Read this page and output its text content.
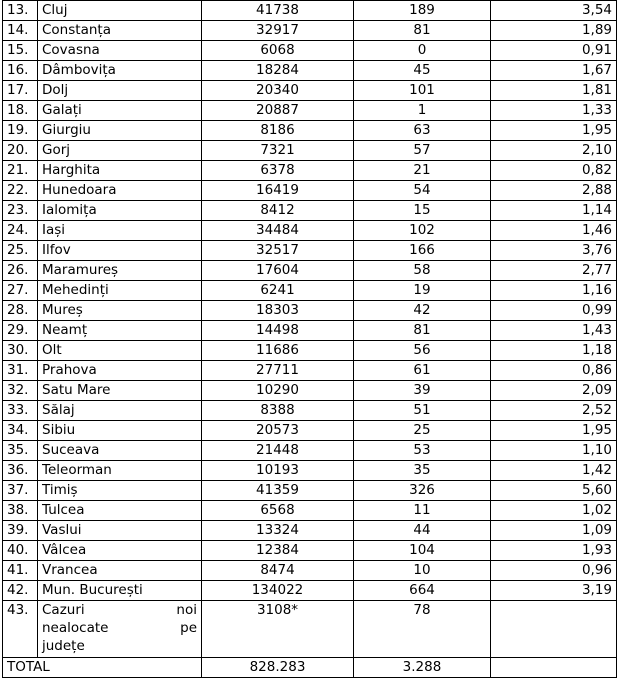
13.	Cluj	41738	189	3,54
14.	Constanța	32917	81	1,89
15.	Covasna	6068	0	0,91
16.	Dâmbovița	18284	45	1,67
17.	Dolj	20340	101	1,81
18.	Galați	20887	1	1,33
19.	Giurgiu	8186	63	1,95
20.	Gorj	7321	57	2,10
21.	Harghita	6378	21	0,82
22.	Hunedoara	16419	54	2,88
23.	Ialomița	8412	15	1,14
24.	Iași	34484	102	1,46
25.	Ilfov	32517	166	3,76
26.	Maramureș	17604	58	2,77
27.	Mehedinți	6241	19	1,16
28.	Mureș	18303	42	0,99
29.	Neamț	14498	81	1,43
30.	Olt	11686	56	1,18
31.	Prahova	27711	61	0,86
32.	Satu Mare	10290	39	2,09
33.	Sălaj	8388	51	2,52
34.	Sibiu	20573	25	1,95
35.	Suceava	21448	53	1,10
36.	Teleorman	10193	35	1,42
37.	Timiș	41359	326	5,60
38.	Tulcea	6568	11	1,02
39.	Vaslui	13324	44	1,09
40.	Vâlcea	12384	104	1,93
41.	Vrancea	8474	10	0,96
42.	Mun. București	134022	664	3,19
43.	Cazuri noi
nealocate pe
județe	3108*	78	
TOTAL		828.283	3.288	
